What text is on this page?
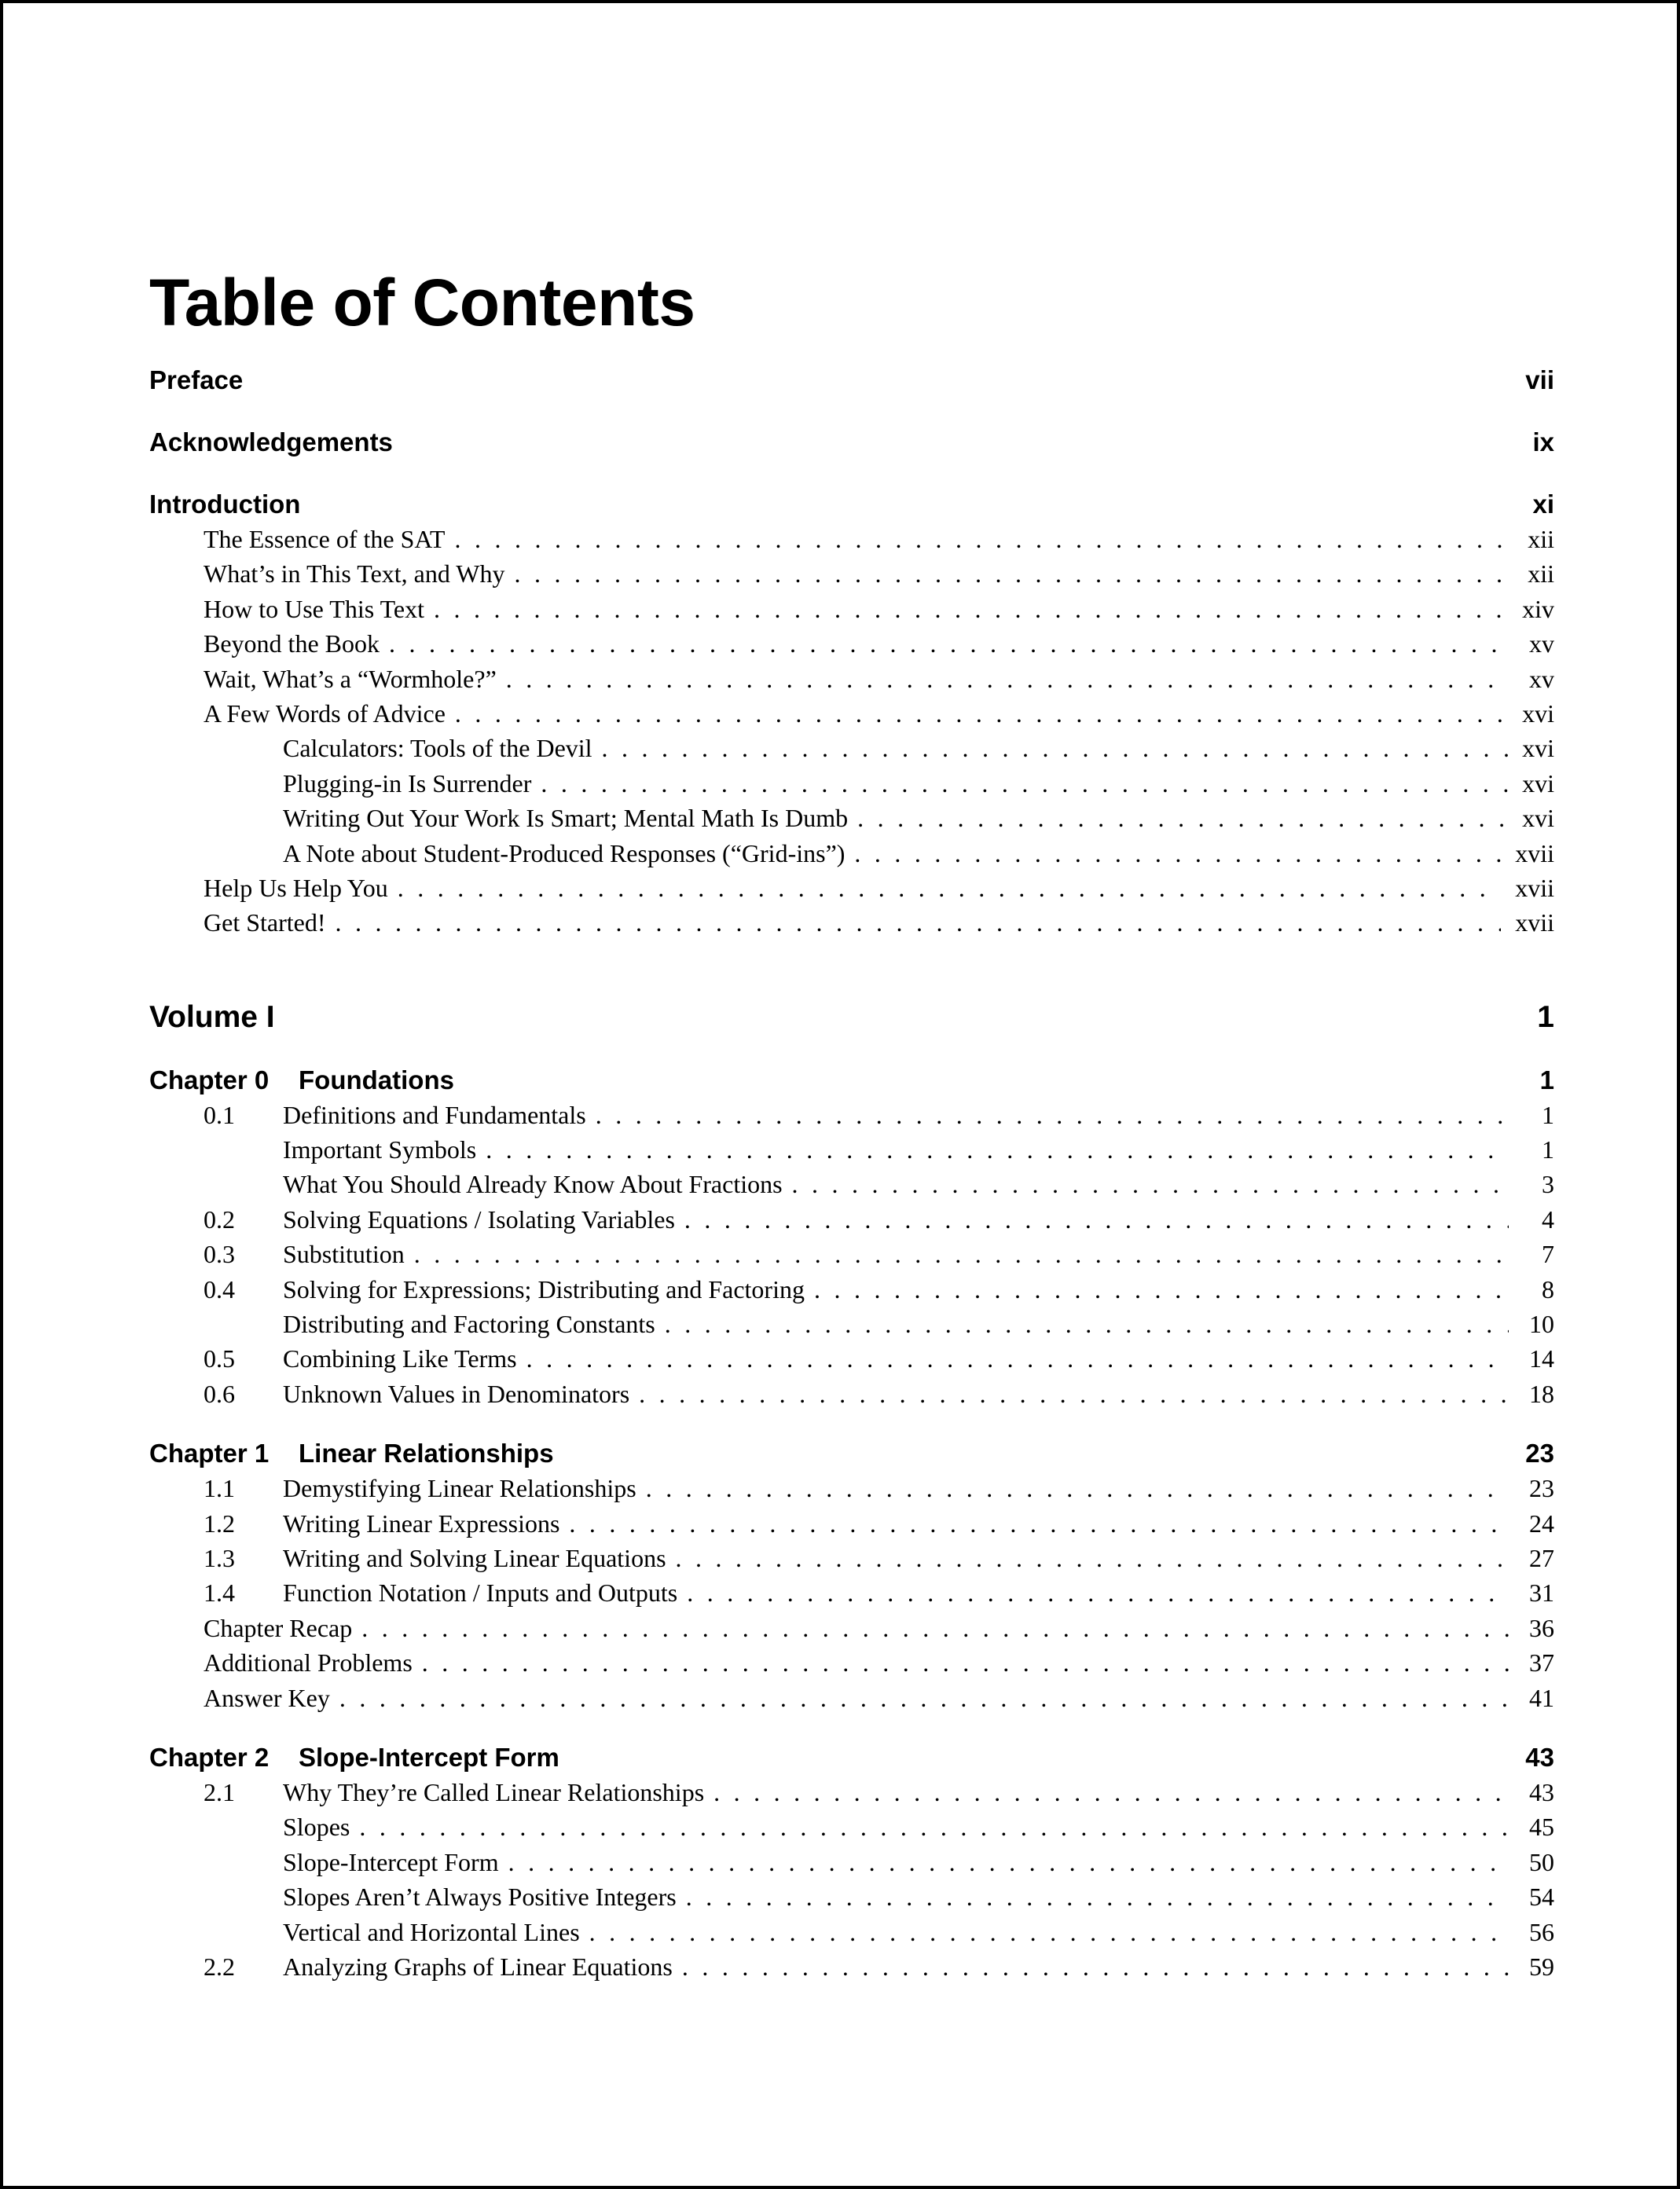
Table of Contents
Preface	vii
Acknowledgements	ix
Introduction	xi
The Essence of the SAT . . .	xii
What’s in This Text, and Why . . .	xii
How to Use This Text . . .	xiv
Beyond the Book . . .	xv
Wait, What’s a “Wormhole?” . . .	xv
A Few Words of Advice . . .	xvi
Calculators: Tools of the Devil . . .	xvi
Plugging-in Is Surrender . . .	xvi
Writing Out Your Work Is Smart; Mental Math Is Dumb . . .	xvi
A Note about Student-Produced Responses (“Grid-ins”) . . .	xvii
Help Us Help You . . .	xvii
Get Started! . . .	xvii
Volume I	1
Chapter 0	Foundations	1
0.1	Definitions and Fundamentals . . .	1
Important Symbols . . .	1
What You Should Already Know About Fractions . . .	3
0.2	Solving Equations / Isolating Variables . . .	4
0.3	Substitution . . .	7
0.4	Solving for Expressions; Distributing and Factoring . . .	8
Distributing and Factoring Constants . . .	10
0.5	Combining Like Terms . . .	14
0.6	Unknown Values in Denominators . . .	18
Chapter 1	Linear Relationships	23
1.1	Demystifying Linear Relationships . . .	23
1.2	Writing Linear Expressions . . .	24
1.3	Writing and Solving Linear Equations . . .	27
1.4	Function Notation / Inputs and Outputs . . .	31
Chapter Recap . . .	36
Additional Problems . . .	37
Answer Key . . .	41
Chapter 2	Slope-Intercept Form	43
2.1	Why They’re Called Linear Relationships . . .	43
Slopes . . .	45
Slope-Intercept Form . . .	50
Slopes Aren’t Always Positive Integers . . .	54
Vertical and Horizontal Lines . . .	56
2.2	Analyzing Graphs of Linear Equations . . .	59
